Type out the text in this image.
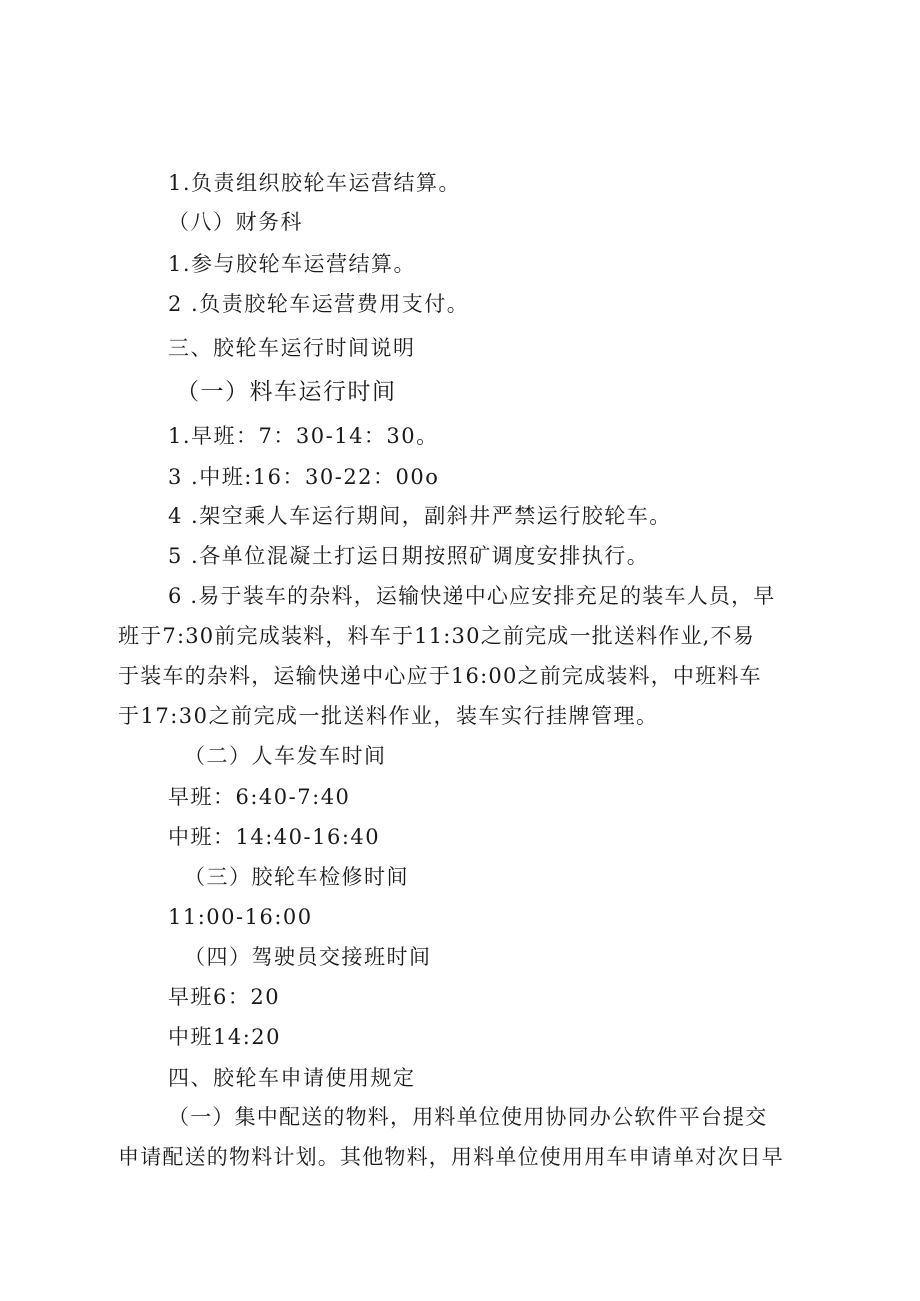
1.负责组织胶轮车运营结算。
（八）财务科
1.参与胶轮车运营结算。
2 .负责胶轮车运营费用支付。
三、胶轮车运行时间说明
（一）料车运行时间
1.早班：7：30-14：30。
3 .中班:16：30-22：00o
4 .架空乘人车运行期间，副斜井严禁运行胶轮车。
5 .各单位混凝土打运日期按照矿调度安排执行。
6 .易于装车的杂料，运输快递中心应安排充足的装车人员，早
班于7:30前完成装料，料车于11:30之前完成一批送料作业,不易
于装车的杂料，运输快递中心应于16:00之前完成装料，中班料车
于17:30之前完成一批送料作业，装车实行挂牌管理。
（二）人车发车时间
早班：6:40-7:40
中班：14:40-16:40
（三）胶轮车检修时间
11:00-16:00
（四）驾驶员交接班时间
早班6：20
中班14:20
四、胶轮车申请使用规定
（一）集中配送的物料，用料单位使用协同办公软件平台提交
申请配送的物料计划。其他物料，用料单位使用用车申请单对次日早
